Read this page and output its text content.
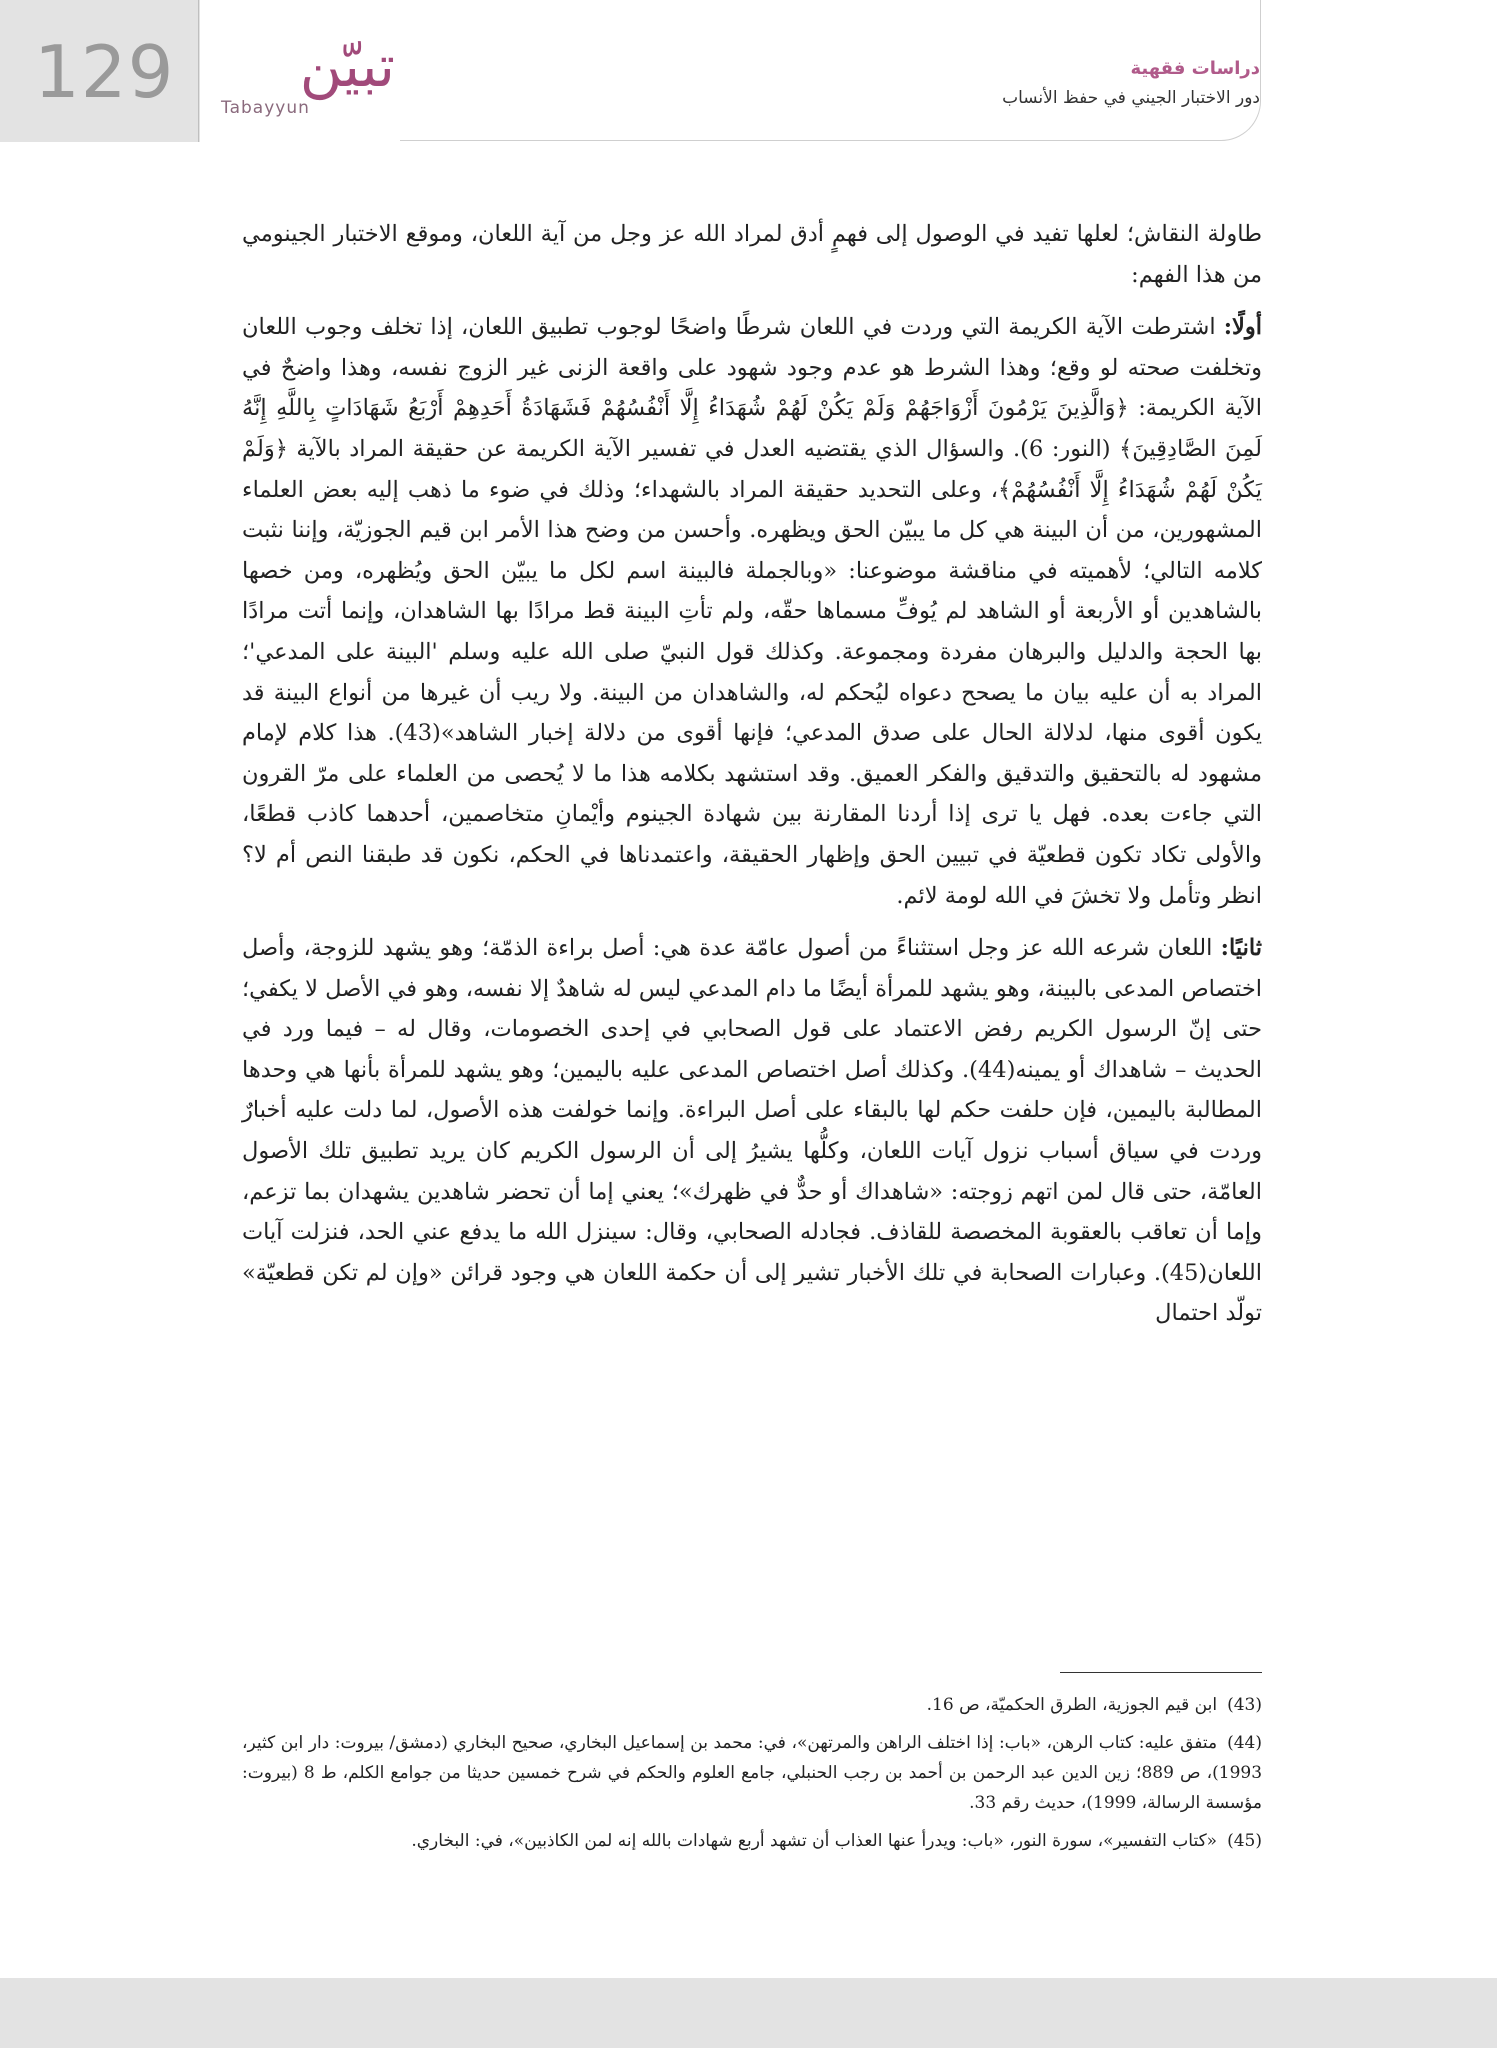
129	تبيّن
Tabayyun
دراسات فقهية
دور الاختبار الجيني في حفظ الأنساب

طاولة النقاش؛ لعلها تفيد في الوصول إلى فهمٍ أدق لمراد الله عز وجل من آية اللعان، وموقع الاختبار الجينومي من هذا الفهم:

أولًا: اشترطت الآية الكريمة التي وردت في اللعان شرطًا واضحًا لوجوب تطبيق اللعان، إذا تخلف وجوب اللعان وتخلفت صحته لو وقع؛ وهذا الشرط هو عدم وجود شهود على واقعة الزنى غير الزوج نفسه، وهذا واضحٌ في الآية الكريمة: ﴿وَالَّذِينَ يَرْمُونَ أَزْوَاجَهُمْ وَلَمْ يَكُنْ لَهُمْ شُهَدَاءُ إِلَّا أَنْفُسُهُمْ فَشَهَادَةُ أَحَدِهِمْ أَرْبَعُ شَهَادَاتٍ بِاللَّهِ إِنَّهُ لَمِنَ الصَّادِقِينَ﴾ (النور: 6). والسؤال الذي يقتضيه العدل في تفسير الآية الكريمة عن حقيقة المراد بالآية ﴿وَلَمْ يَكُنْ لَهُمْ شُهَدَاءُ إِلَّا أَنْفُسُهُمْ﴾، وعلى التحديد حقيقة المراد بالشهداء؛ وذلك في ضوء ما ذهب إليه بعض العلماء المشهورين، من أن البينة هي كل ما يبيّن الحق ويظهره. وأحسن من وضح هذا الأمر ابن قيم الجوزيّة، وإننا نثبت كلامه التالي؛ لأهميته في مناقشة موضوعنا: «وبالجملة فالبينة اسم لكل ما يبيّن الحق ويُظهره، ومن خصها بالشاهدين أو الأربعة أو الشاهد لم يُوفِّ مسماها حقّه، ولم تأتِ البينة قط مرادًا بها الشاهدان، وإنما أتت مرادًا بها الحجة والدليل والبرهان مفردة ومجموعة. وكذلك قول النبيّ صلى الله عليه وسلم 'البينة على المدعي'؛ المراد به أن عليه بيان ما يصحح دعواه ليُحكم له، والشاهدان من البينة. ولا ريب أن غيرها من أنواع البينة قد يكون أقوى منها، لدلالة الحال على صدق المدعي؛ فإنها أقوى من دلالة إخبار الشاهد»(43). هذا كلام لإمام مشهود له بالتحقيق والتدقيق والفكر العميق. وقد استشهد بكلامه هذا ما لا يُحصى من العلماء على مرّ القرون التي جاءت بعده. فهل يا ترى إذا أردنا المقارنة بين شهادة الجينوم وأيْمانِ متخاصمين، أحدهما كاذب قطعًا، والأولى تكاد تكون قطعيّة في تبيين الحق وإظهار الحقيقة، واعتمدناها في الحكم، نكون قد طبقنا النص أم لا؟ انظر وتأمل ولا تخشَ في الله لومة لائم.

ثانيًا: اللعان شرعه الله عز وجل استثناءً من أصول عامّة عدة هي: أصل براءة الذمّة؛ وهو يشهد للزوجة، وأصل اختصاص المدعى بالبينة، وهو يشهد للمرأة أيضًا ما دام المدعي ليس له شاهدٌ إلا نفسه، وهو في الأصل لا يكفي؛ حتى إنّ الرسول الكريم رفض الاعتماد على قول الصحابي في إحدى الخصومات، وقال له – فيما ورد في الحديث – شاهداك أو يمينه(44). وكذلك أصل اختصاص المدعى عليه باليمين؛ وهو يشهد للمرأة بأنها هي وحدها المطالبة باليمين، فإن حلفت حكم لها بالبقاء على أصل البراءة. وإنما خولفت هذه الأصول، لما دلت عليه أخبارٌ وردت في سياق أسباب نزول آيات اللعان، وكلُّها يشيرُ إلى أن الرسول الكريم كان يريد تطبيق تلك الأصول العامّة، حتى قال لمن اتهم زوجته: «شاهداك أو حدٌّ في ظهرك»؛ يعني إما أن تحضر شاهدين يشهدان بما تزعم، وإما أن تعاقب بالعقوبة المخصصة للقاذف. فجادله الصحابي، وقال: سينزل الله ما يدفع عني الحد، فنزلت آيات اللعان(45). وعبارات الصحابة في تلك الأخبار تشير إلى أن حكمة اللعان هي وجود قرائن «وإن لم تكن قطعيّة» تولّد احتمال

(43)ابن قيم الجوزية، الطرق الحكميّة، ص 16.

(44)متفق عليه: كتاب الرهن، «باب: إذا اختلف الراهن والمرتهن»، في: محمد بن إسماعيل البخاري، صحيح البخاري (دمشق/ بيروت: دار ابن كثير، 1993)، ص 889؛ زين الدين عبد الرحمن بن أحمد بن رجب الحنبلي، جامع العلوم والحكم في شرح خمسين حديثا من جوامع الكلم، ط 8 (بيروت: مؤسسة الرسالة، 1999)، حديث رقم 33.

(45)«كتاب التفسير»، سورة النور، «باب: ويدرأ عنها العذاب أن تشهد أربع شهادات بالله إنه لمن الكاذبين»، في: البخاري.
